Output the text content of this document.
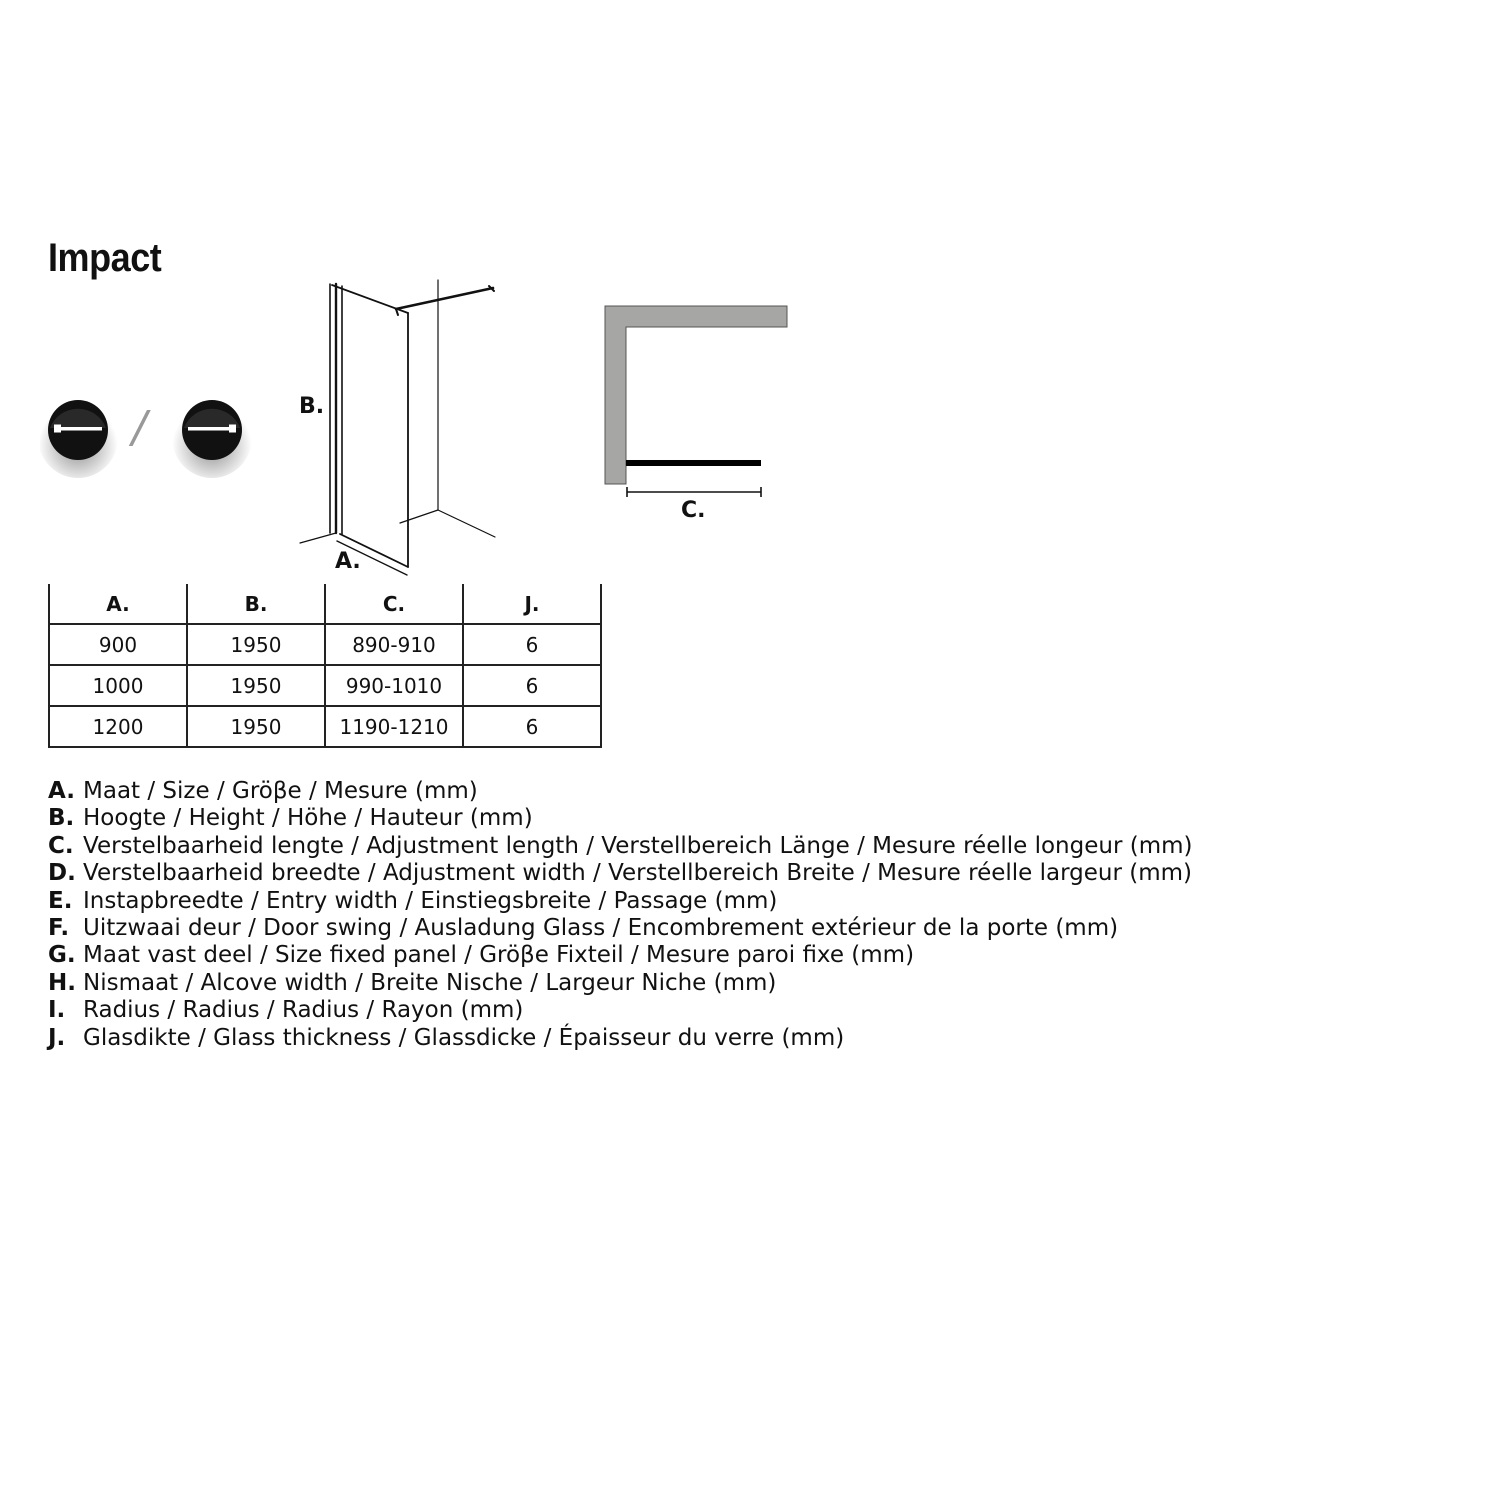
Impact
/	B.
A.
C.
A.	B.	C.	J.
900	1950	890-910	6
1000	1950	990-1010	6
1200	1950	1190-1210	6
A. Maat / Size / Gröβe / Mesure (mm)
B. Hoogte / Height / Höhe / Hauteur (mm)
C. Verstelbaarheid lengte / Adjustment length / Verstellbereich Länge / Mesure réelle longeur (mm)
D. Verstelbaarheid breedte / Adjustment width / Verstellbereich Breite / Mesure réelle largeur (mm)
E. Instapbreedte / Entry width / Einstiegsbreite / Passage (mm)
F. Uitzwaai deur / Door swing / Ausladung Glass / Encombrement extérieur de la porte (mm)
G. Maat vast deel / Size fixed panel / Gröβe Fixteil / Mesure paroi fixe (mm)
H. Nismaat / Alcove width / Breite Nische / Largeur Niche (mm)
I. Radius / Radius / Radius / Rayon (mm)
J. Glasdikte / Glass thickness / Glassdicke / Épaisseur du verre (mm)
